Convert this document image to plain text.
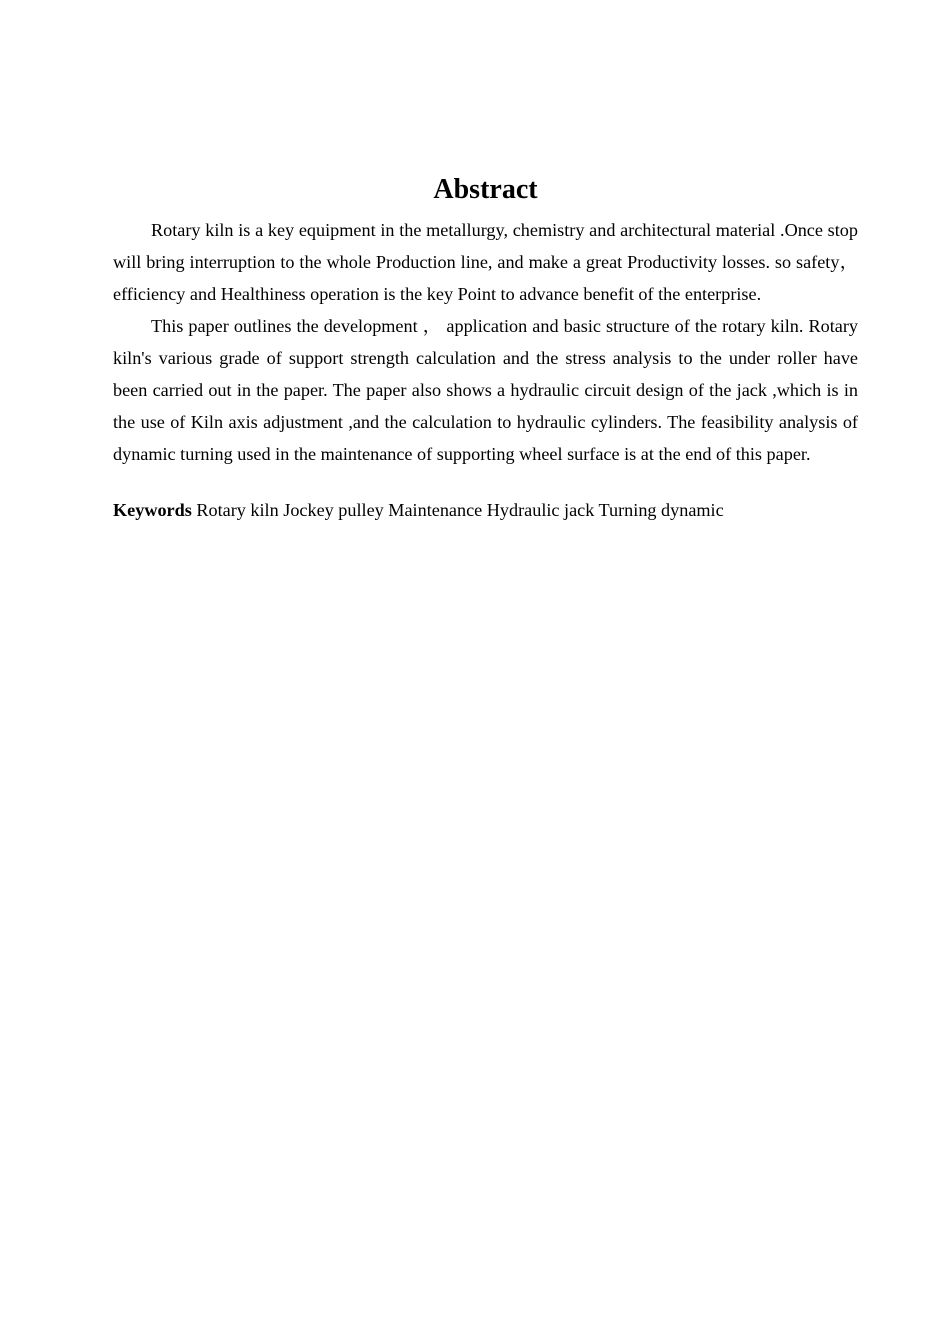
Abstract

Rotary kiln is a key equipment in the metallurgy, chemistry and architectural material .Once stop will bring interruption to the whole Production line, and make a great Productivity losses. so safety， efficiency and Healthiness operation is the key Point to advance benefit of the enterprise.

This paper outlines the development ， application and basic structure of the rotary kiln. Rotary kiln's various grade of support strength calculation and the stress analysis to the under roller have been carried out in the paper. The paper also shows a hydraulic circuit design of the jack ,which is in the use of Kiln axis adjustment ,and the calculation to hydraulic cylinders. The feasibility analysis of dynamic turning used in the maintenance of supporting wheel surface is at the end of this paper.

Keywords Rotary kiln Jockey pulley Maintenance Hydraulic jack Turning dynamic
